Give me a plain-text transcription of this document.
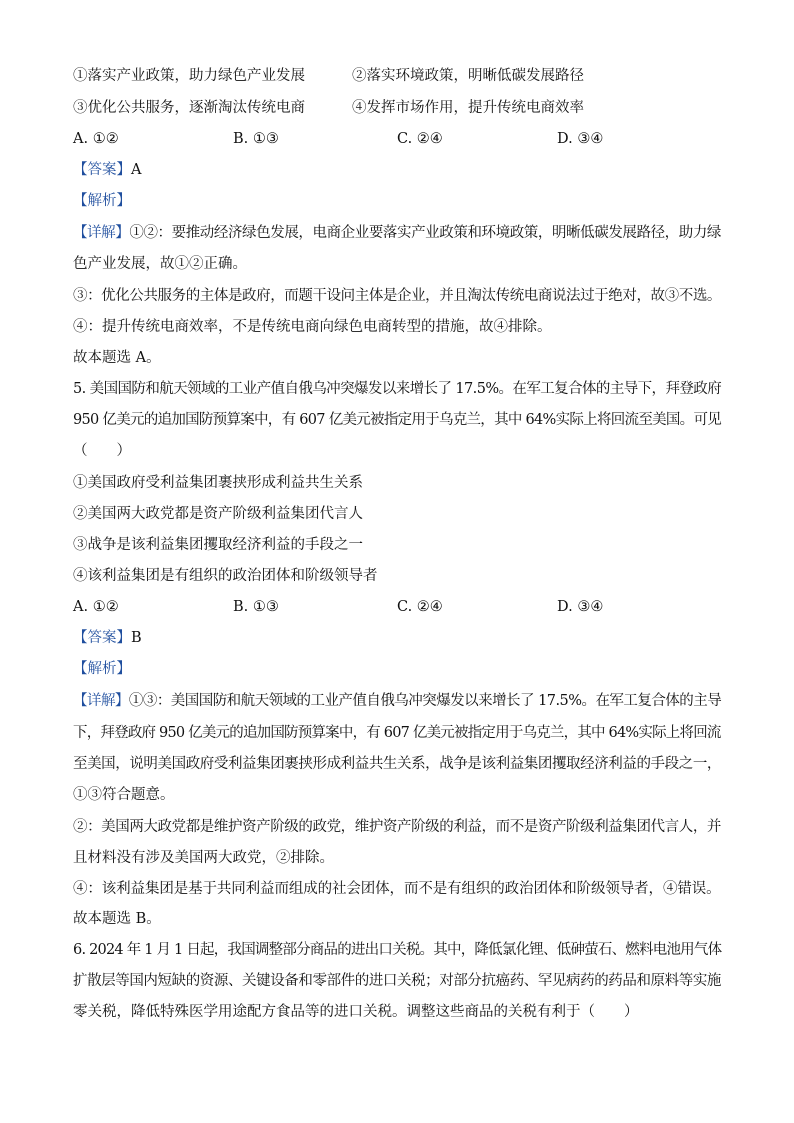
①落实产业政策，助力绿色产业发展	②落实环境政策，明晰低碳发展路径
③优化公共服务，逐渐淘汰传统电商	④发挥市场作用，提升传统电商效率
A. ①②	B. ①③	C. ②④	D. ③④
【答案】A
【解析】
【详解】①②：要推动经济绿色发展，电商企业要落实产业政策和环境政策，明晰低碳发展路径，助力绿
色产业发展，故①②正确。
③：优化公共服务的主体是政府，而题干设问主体是企业，并且淘汰传统电商说法过于绝对，故③不选。
④：提升传统电商效率，不是传统电商向绿色电商转型的措施，故④排除。
故本题选 A。
5. 美国国防和航天领域的工业产值自俄乌冲突爆发以来增长了 17.5%。在军工复合体的主导下，拜登政府
950 亿美元的追加国防预算案中，有 607 亿美元被指定用于乌克兰，其中 64%实际上将回流至美国。可见
（　　）
①美国政府受利益集团裹挟形成利益共生关系
②美国两大政党都是资产阶级利益集团代言人
③战争是该利益集团攫取经济利益的手段之一
④该利益集团是有组织的政治团体和阶级领导者
A. ①②	B. ①③	C. ②④	D. ③④
【答案】B
【解析】
【详解】①③：美国国防和航天领域的工业产值自俄乌冲突爆发以来增长了 17.5%。在军工复合体的主导
下，拜登政府 950 亿美元的追加国防预算案中，有 607 亿美元被指定用于乌克兰，其中 64%实际上将回流
至美国，说明美国政府受利益集团裹挟形成利益共生关系，战争是该利益集团攫取经济利益的手段之一，
①③符合题意。
②：美国两大政党都是维护资产阶级的政党，维护资产阶级的利益，而不是资产阶级利益集团代言人，并
且材料没有涉及美国两大政党，②排除。
④：该利益集团是基于共同利益而组成的社会团体，而不是有组织的政治团体和阶级领导者，④错误。
故本题选 B。
6. 2024 年 1 月 1 日起，我国调整部分商品的进出口关税。其中，降低氯化锂、低砷萤石、燃料电池用气体
扩散层等国内短缺的资源、关键设备和零部件的进口关税；对部分抗癌药、罕见病药的药品和原料等实施
零关税，降低特殊医学用途配方食品等的进口关税。调整这些商品的关税有利于（　　）
